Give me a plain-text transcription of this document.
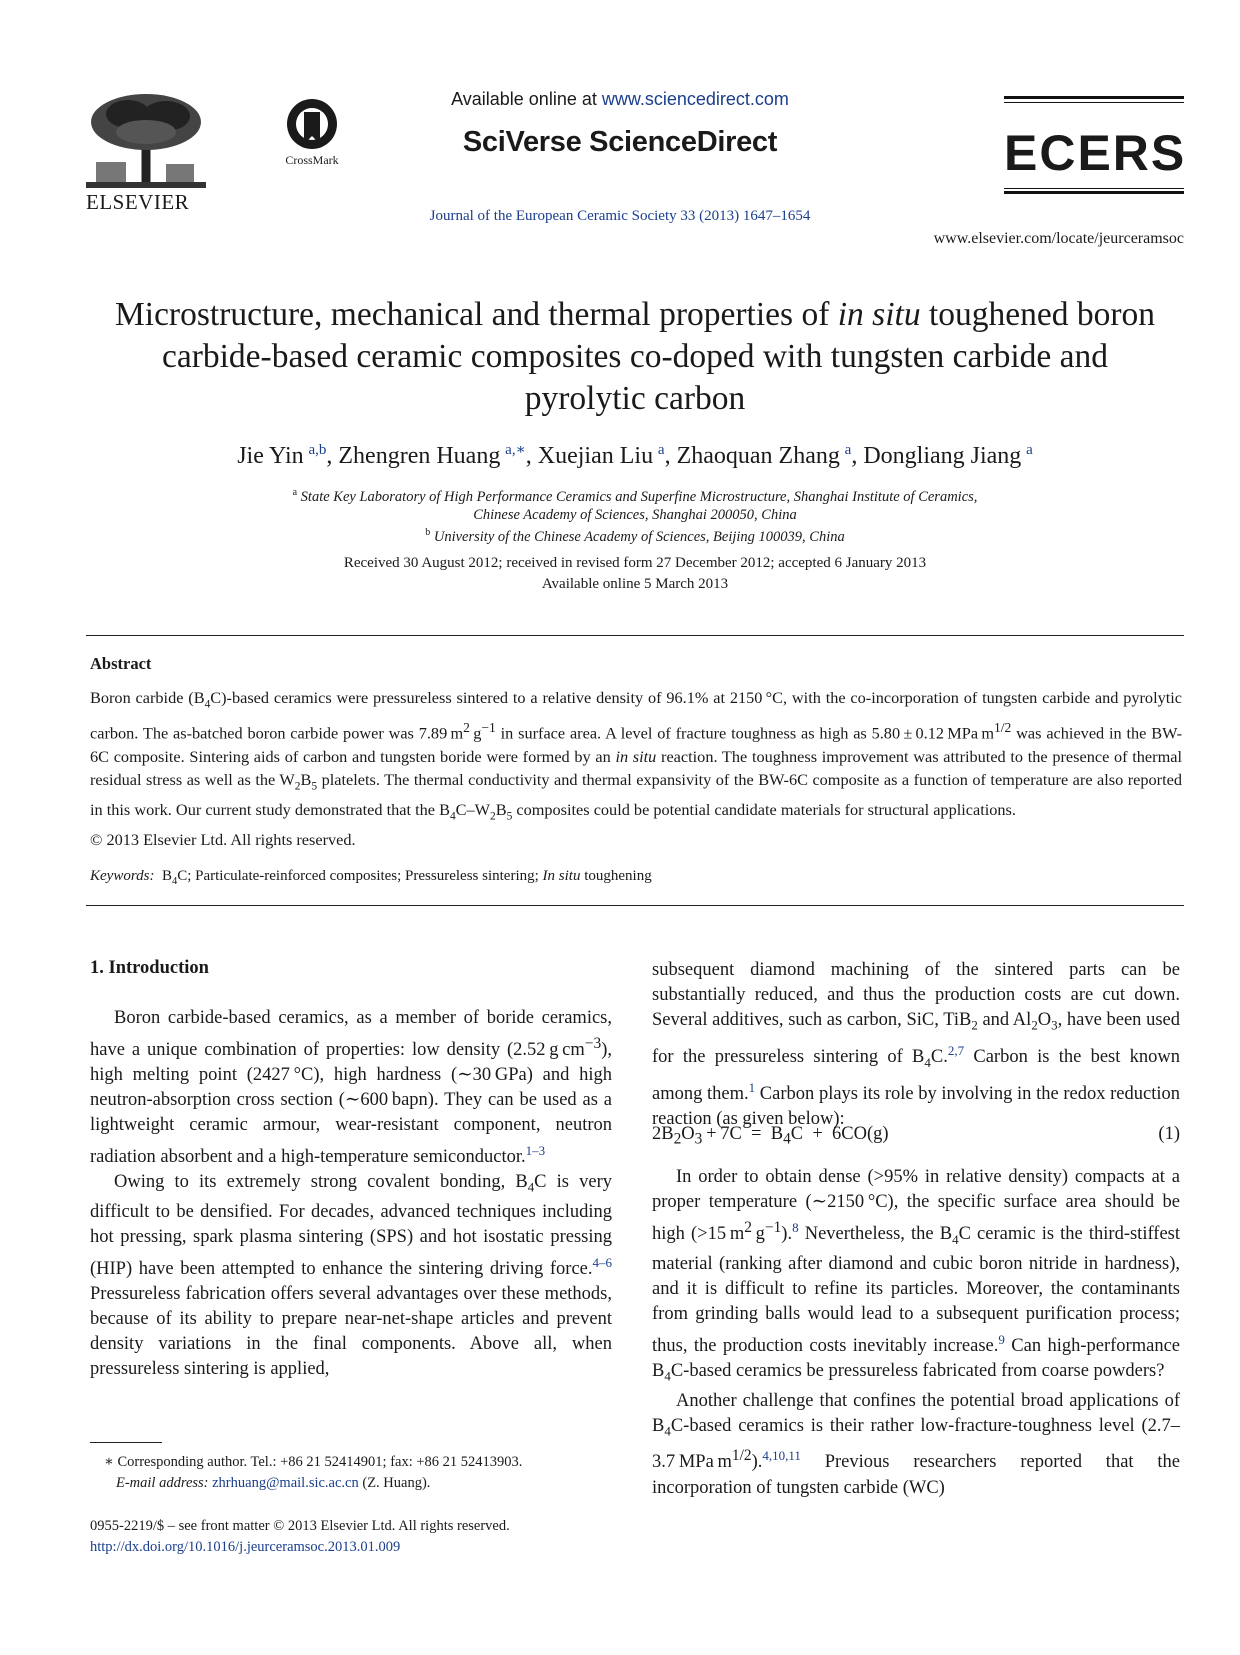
ELSEVIER
CrossMark
Available online at www.sciencedirect.com
SciVerse ScienceDirect
Journal of the European Ceramic Society 33 (2013) 1647–1654
ECERS
www.elsevier.com/locate/jeurceramsoc
Microstructure, mechanical and thermal properties of in situ toughened boron carbide-based ceramic composites co-doped with tungsten carbide and pyrolytic carbon
Jie Yin  $^{a,b}$, Zhengren Huang  $^{a,∗}$, Xuejian Liu  $^a$, Zhaoquan Zhang  $^a$, Dongliang Jiang  $^a$
$^a$ State Key Laboratory of High Performance Ceramics and Superfine Microstructure, Shanghai Institute of Ceramics,
Chinese Academy of Sciences, Shanghai 200050, China
$^b$ University of the Chinese Academy of Sciences, Beijing 100039, China
Received 30 August 2012; received in revised form 27 December 2012; accepted 6 January 2013
Available online 5 March 2013
Abstract
Boron carbide $(B_4C)$-based ceramics were pressureless sintered to a relative density of 96.1% at 2150 °C, with the co-incorporation of tungsten carbide and pyrolytic carbon. The as-batched boron carbide power was 7.89 $m^2$ $g^{-1}$ in surface area. A level of fracture toughness as high as 5.80 ± 0.12 MPa $m^{1/2}$ was achieved in the BW-6C composite. Sintering aids of carbon and tungsten boride were formed by an in situ reaction. The toughness improvement was attributed to the presence of thermal residual stress as well as the $W_2B_5$ platelets. The thermal conductivity and thermal expansivity of the BW-6C composite as a function of temperature are also reported in this work. Our current study demonstrated that the $B_4C-W_2B_5$ composites could be potential candidate materials for structural applications.
© 2013 Elsevier Ltd. All rights reserved.
Keywords:  $B_4C$; Particulate-reinforced composites; Pressureless sintering; In situ toughening
1. Introduction

Boron carbide-based ceramics, as a member of boride ceramics, have a unique combination of properties: low density (2.52 g $cm^{-3}$), high melting point (2427 °C), high hardness (∼30 GPa) and high neutron-absorption cross section (∼600 bapn). They can be used as a lightweight ceramic armour, wear-resistant component, neutron radiation absorbent and a high-temperature semiconductor.$^{1-3}$

Owing to its extremely strong covalent bonding, $B_4C$ is very difficult to be densified. For decades, advanced techniques including hot pressing, spark plasma sintering (SPS) and hot isostatic pressing (HIP) have been attempted to enhance the sintering driving force.$^{4-6}$ Pressureless fabrication offers several advantages over these methods, because of its ability to prepare near-net-shape articles and prevent density variations in the final components. Above all, when pressureless sintering is applied,

subsequent diamond machining of the sintered parts can be substantially reduced, and thus the production costs are cut down. Several additives, such as carbon, SiC, TiB$_2$ and $Al_2O_3$, have been used for the pressureless sintering of $B_4C.^{2,7}$ Carbon is the best known among them.$^1$ Carbon plays its role by involving in the redox reduction reaction (as given below):

$2B_2O_3 + 7C = B_4C + 6CO(g)$	(1)

In order to obtain dense (>95% in relative density) compacts at a proper temperature (∼2150 °C), the specific surface area should be high (>15 $m^2$ $g^{-1}).^8$ Nevertheless, the $B_4C$ ceramic is the third-stiffest material (ranking after diamond and cubic boron nitride in hardness), and it is difficult to refine its particles. Moreover, the contaminants from grinding balls would lead to a subsequent purification process; thus, the production costs inevitably increase.$^9$ Can high-performance $B_4C$-based ceramics be pressureless fabricated from coarse powders?

Another challenge that confines the potential broad applications of $B_4C$-based ceramics is their rather low-fracture-toughness level (2.7–3.7 MPa $m^{1/2}).^{4,10,11}$ Previous researchers reported that the incorporation of tungsten carbide (WC)

∗ Corresponding author. Tel.: +86 21 52414901; fax: +86 21 52413903.
E-mail address: zhrhuang@mail.sic.ac.cn (Z. Huang).
0955-2219/$ – see front matter © 2013 Elsevier Ltd. All rights reserved.
http://dx.doi.org/10.1016/j.jeurceramsoc.2013.01.009
